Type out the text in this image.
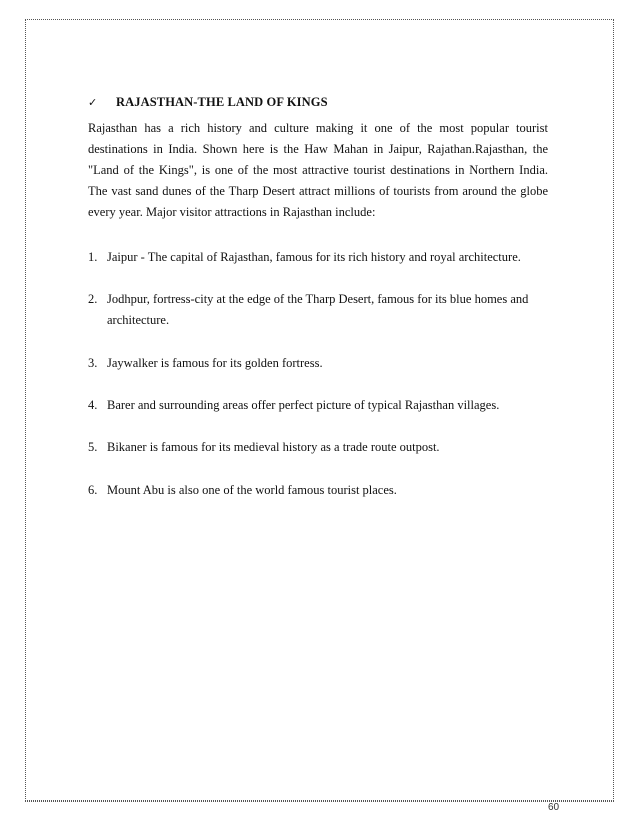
60
✓	RAJASTHAN-THE LAND OF KINGS
Rajasthan has a rich history and culture making it one of the most popular tourist
destinations in India. Shown here is the Haw Mahan in Jaipur, Rajathan.Rajasthan, the
"Land of the Kings", is one of the most attractive tourist destinations in Northern India.
The vast sand dunes of the Tharp Desert attract millions of tourists from around the globe
every year. Major visitor attractions in Rajasthan include:
1. Jaipur - The capital of Rajasthan, famous for its rich history and royal architecture.
2. Jodhpur, fortress-city at the edge of the Tharp Desert, famous for its blue homes and
architecture.
3. Jaywalker is famous for its golden fortress.
4. Barer and surrounding areas offer perfect picture of typical Rajasthan villages.
5. Bikaner is famous for its medieval history as a trade route outpost.
6. Mount Abu is also one of the world famous tourist places.
